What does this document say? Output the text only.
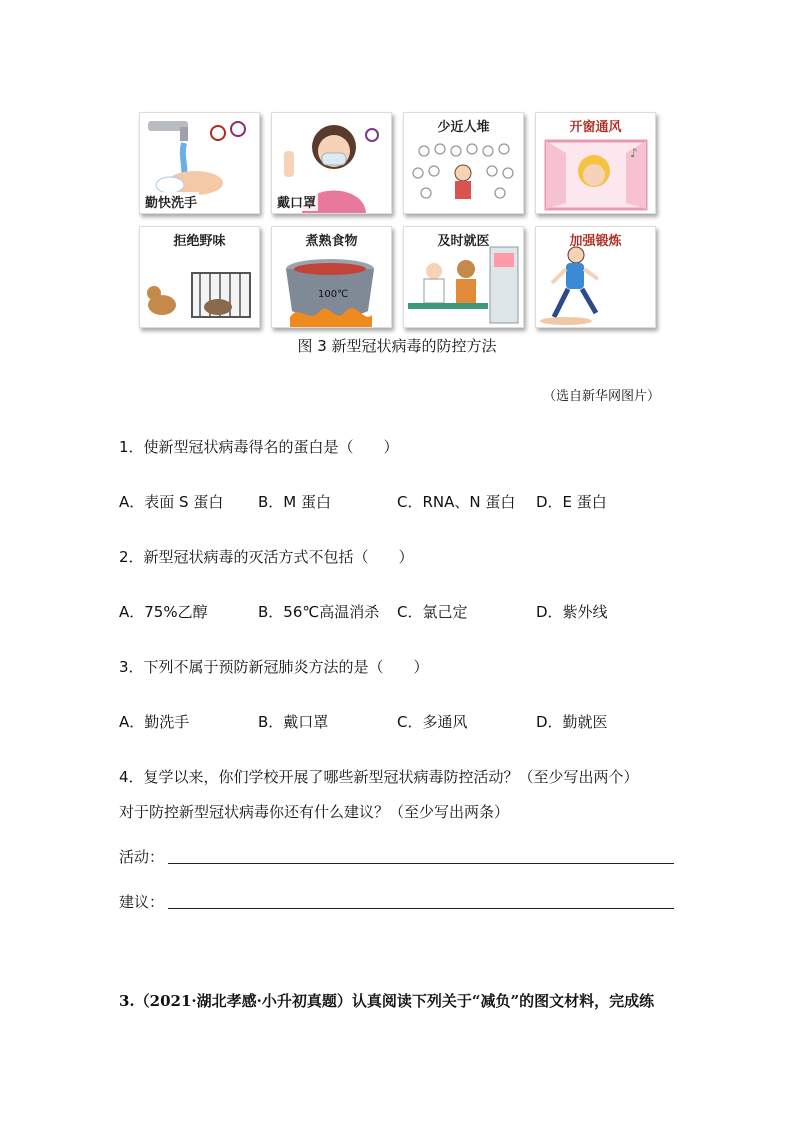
勤快洗手	戴口罩
少近人堆
♪
开窗通风
拒绝野味
100℃
煮熟食物	及时就医	加强锻炼
图 3 新型冠状病毒的防控方法
（选自新华网图片）
1．使新型冠状病毒得名的蛋白是（　　）
A．表面 S 蛋白 B．M 蛋白	C．RNA、N 蛋白 D．E 蛋白
2．新型冠状病毒的灭活方式不包括（　　）
A．75%乙醇	B．56℃高温消杀 C．氯己定	D．紫外线
3．下列不属于预防新冠肺炎方法的是（　　）
A．勤洗手	B．戴口罩	C．多通风	D．勤就医
4．复学以来，你们学校开展了哪些新型冠状病毒防控活动？（至少写出两个）
对于防控新型冠状病毒你还有什么建议？（至少写出两条）
活动：
建议：
3.（2021·湖北孝感·小升初真题）认真阅读下列关于“减负”的图文材料，完成练
